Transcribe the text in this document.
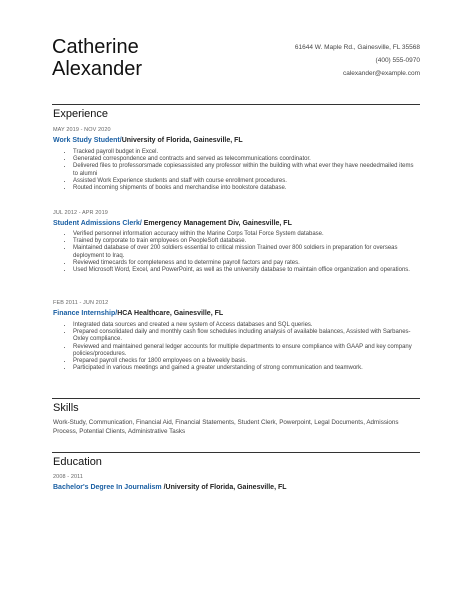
Catherine
Alexander
61644 W. Maple Rd., Gainesville, FL 35568
(400) 555-0970
calexander@example.com
Experience
MAY 2019 - NOV 2020
Work Study Student/University of Florida, Gainesville, FL
• Tracked payroll budget in Excel.
• Generated correspondence and contracts and served as telecommunications coordinator.
• Delivered files to professorsmade copiesassisted any professor within the building with what ever they have neededmailed items to alumni
• Assisted Work Experience students and staff with course enrollment procedures.
• Routed incoming shipments of books and merchandise into bookstore database.
JUL 2012 - APR 2019
Student Admissions Clerk/ Emergency Management Div, Gainesville, FL
• Verified personnel information accuracy within the Marine Corps Total Force System database.
• Trained by corporate to train employees on PeopleSoft database.
• Maintained database of over 200 soldiers essential to critical mission Trained over 800 soldiers in preparation for overseas deployment to Iraq.
• Reviewed timecards for completeness and to determine payroll factors and pay rates.
• Used Microsoft Word, Excel, and PowerPoint, as well as the university database to maintain office organization and operations.
FEB 2011 - JUN 2012
Finance Internship/HCA Healthcare, Gainesville, FL
• Integrated data sources and created a new system of Access databases and SQL queries.
• Prepared consolidated daily and monthly cash flow schedules including analysis of available balances, Assisted with Sarbanes-Oxley compliance.
• Reviewed and maintained general ledger accounts for multiple departments to ensure compliance with GAAP and key company policies/procedures.
• Prepared payroll checks for 1800 employees on a biweekly basis.
• Participated in various meetings and gained a greater understanding of strong communication and teamwork.
Skills
Work-Study, Communication, Financial Aid, Financial Statements, Student Clerk, Powerpoint, Legal Documents, Admissions Process, Potential Clients, Administrative Tasks
Education
2008 - 2011
Bachelor's Degree In Journalism /University of Florida, Gainesville, FL
